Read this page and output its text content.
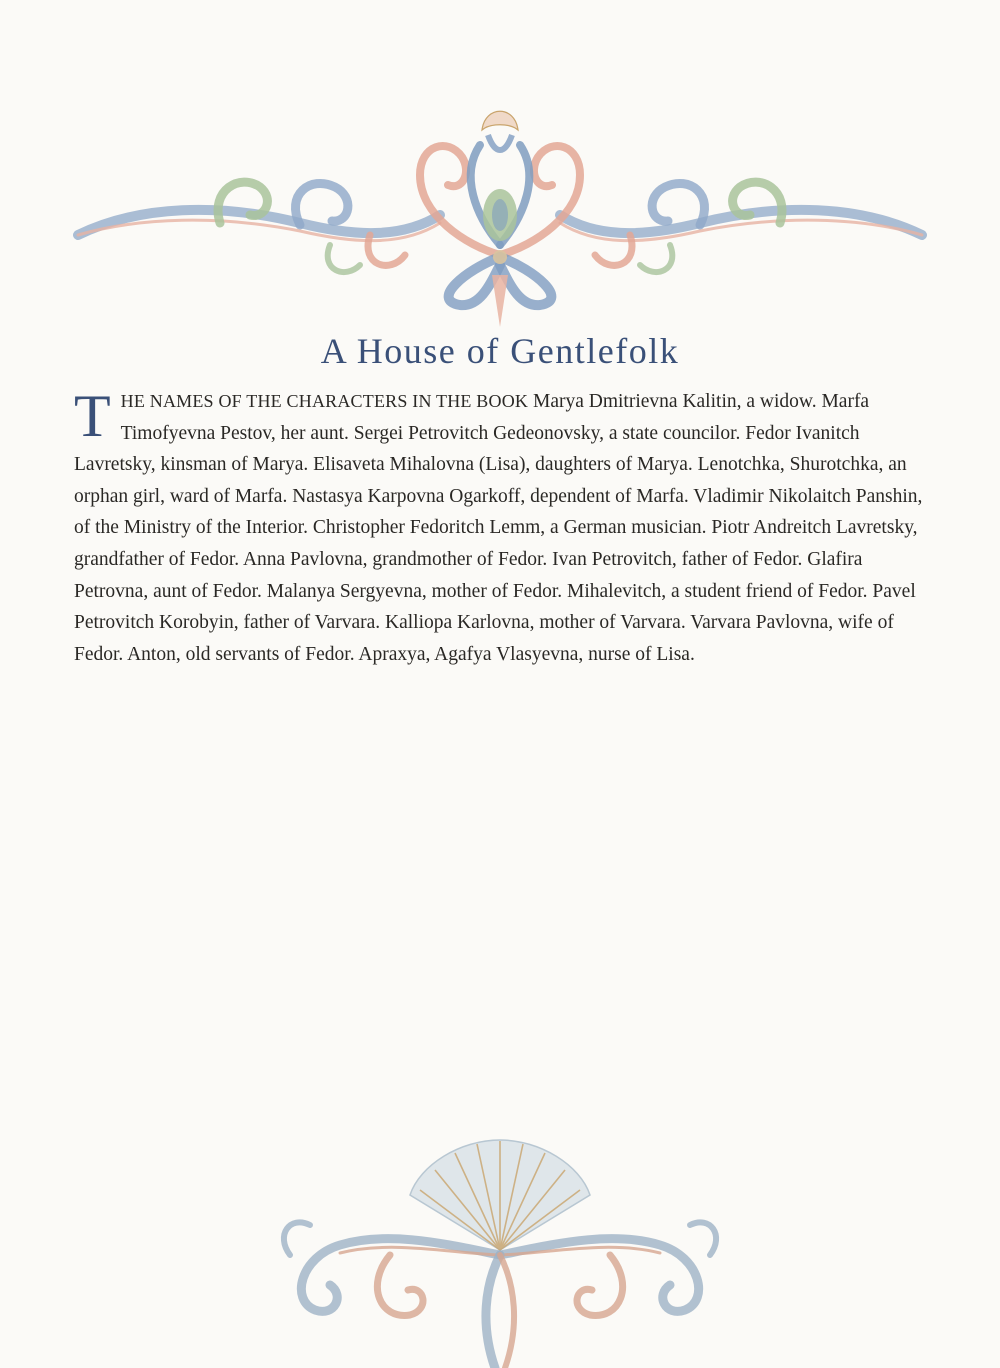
A House of Gentlefolk

THE NAMES OF THE CHARACTERS IN THE BOOK Marya Dmitrievna Kalitin, a widow. Marfa Timofyevna Pestov, her aunt. Sergei Petrovitch Gedeonovsky, a state councilor. Fedor Ivanitch Lavretsky, kinsman of Marya. Elisaveta Mihalovna (Lisa), daughters of Marya. Lenotchka, Shurotchka, an orphan girl, ward of Marfa. Nastasya Karpovna Ogarkoff, dependent of Marfa. Vladimir Nikolaitch Panshin, of the Ministry of the Interior. Christopher Fedoritch Lemm, a German musician. Piotr Andreitch Lavretsky, grandfather of Fedor. Anna Pavlovna, grandmother of Fedor. Ivan Petrovitch, father of Fedor. Glafira Petrovna, aunt of Fedor. Malanya Sergyevna, mother of Fedor. Mihalevitch, a student friend of Fedor. Pavel Petrovitch Korobyin, father of Varvara. Kalliopa Karlovna, mother of Varvara. Varvara Pavlovna, wife of Fedor. Anton, old servants of Fedor. Apraxya, Agafya Vlasyevna, nurse of Lisa.
